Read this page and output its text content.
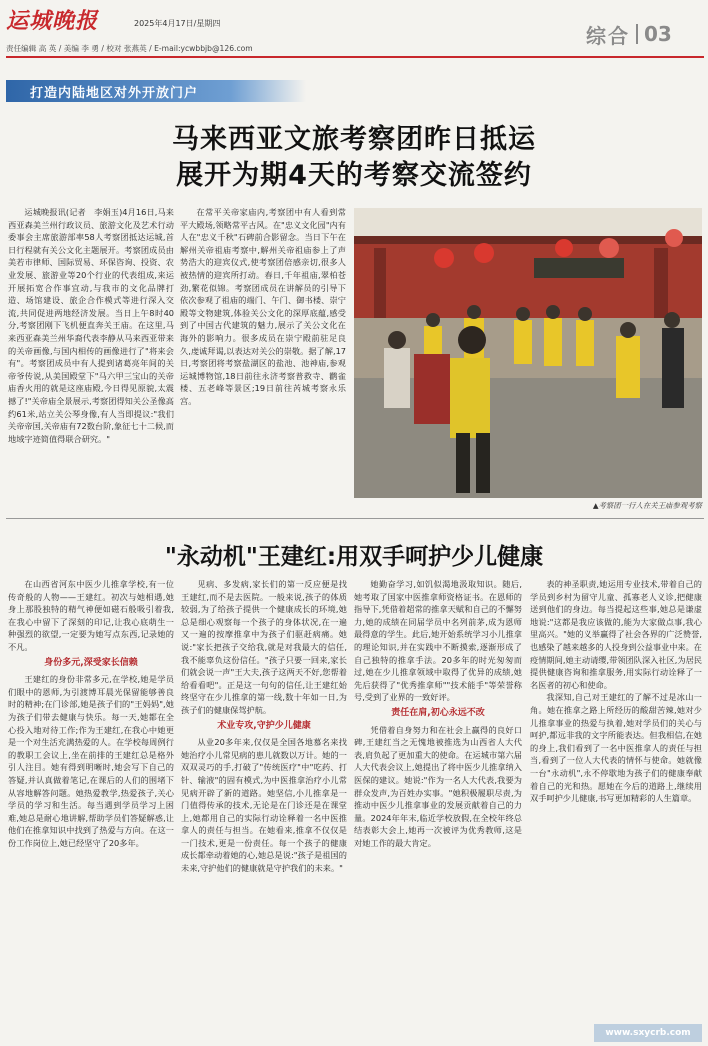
运城晚报	2025年4月17日/星期四
责任编辑 高 英 / 美编 李 勇 / 校对 张燕英 / E-mail:ycwbbjb@126.com
综合 03
打造内陆地区对外开放门户
马来西亚文旅考察团昨日抵运
展开为期4天的考察交流签约

运城晚报讯(记者　李娟玉)4月16日,马来西亚森美兰州行政议员、旅游文化及艺术行动委事会主席旅游部率58人考察团抵达运城,首日行程就有关公文化主题展开。考察团成员由美若市律师、国际贸易、环保咨询、投资、农业发展、旅游业等20个行业的代表组成,来运开展拓宽合作事宜动,与我市的文化品牌打造、场馆建设、旅企合作模式等进行深入交流,共同促进两地经济发展。当日上午8时40分,考察团刚下飞机便直奔关王庙。在这里,马来西亚森美兰州华裔代表李静从马来西亚带来的关帝画像,与国内相传的画像进行了"将来会有"。考察团成员中有人提到诸葛亮年间的关帝爷传说,从美国殿堂下"马六甲三宝山的关帝庙香火用的就是这座庙殿,今日得见原貌,太震撼了!"关帝庙全景展示,考察团得知关公圣像高约61米,站立关公琴身像,有人当即提议:"我们关帝帝国,关帝庙有72数台阶,象征七十二候,而地域字迹简值得联合研究。"

在常平关帝家庙内,考察团中有人看到常平大殿场,领略常平古风。在"忠义文化园"内有人在"忠义千秋"石碑前合影留念。当日下午在解州关帝祖庙考察中,解州关帝祖庙参上了声势浩大的迎宾仪式,使考察团倍感亲切,很多人被热情的迎宾所打动。春日,千年祖庙,翠柏苍劲,繁花似锦。考察团成员在讲解员的引导下依次参观了祖庙的端门、午门、御书楼、崇宁殿等文物建筑,体验关公文化的深厚底蕴,感受到了中国古代建筑的魅力,展示了关公文化在海外的影响力。很多成员在崇宁殿前驻足良久,虔诚拜谒,以表达对关公的崇敬。据了解,17日,考察团将考察盐湖区的盐池、池神庙,参观运城博物馆,18日前往永济考察普救寺、鹳雀楼、五老峰等景区;19日前往芮城考察永乐宫。

▲考察团一行人在关王庙参观考察
"永动机"王建红:用双手呵护少儿健康

在山西省河东中医少儿推拿学校,有一位传奇般的人物——王建红。初次与她相遇,她身上那股独特的精气神便如磁石般吸引着我,在我心中留下了深刻的印记,让我心底萌生一种强烈的欲望,一定要为她写点东西,记录她的不凡。

身份多元,深受家长信赖

王建红的身份非常多元,在学校,她是学员们眼中的恩师,为引渡博耳晨光保留能够善良时的精神;在门诊部,她是孩子们的"王妈妈",她为孩子们带去健康与快乐。每一天,她都在全心投入地对待工作;作为王建红,在我心中她更是一个对生活充满热爱的人。在学校每周例行的教职工会议上,坐在前排的王建红总是格外引人注目。她有得到明晰时,她会写下自己的答疑,并认真做着笔记,在课后的人们的围堵下从容地解答问题。她热爱教学,热爱孩子,关心学员的学习和生活。每当遇到学员学习上困难,她总是耐心地讲解,帮助学员们答疑解惑,让他们在推拿知识中找到了热爱与方向。在这一份工作岗位上,她已经坚守了20多年。

见病、多发病,家长们的第一反应便是找王建红,而不是去医院。一般来说,孩子的体质较弱,为了给孩子提供一个健康成长的环境,她总是细心观察每一个孩子的身体状况,在一遍又一遍的按摩推拿中为孩子们驱赶病痛。她说:"家长把孩子交给我,就是对我最大的信任,我不能辜负这份信任。"孩子只要一回来,家长们就会说一声"王大夫,孩子这两天不好,您帮着给看看吧"。正是这一句句的信任,让王建红始终坚守在少儿推拿的第一线,数十年如一日,为孩子们的健康保驾护航。

术业专攻,守护少儿健康

从业20多年来,仅仅是全国各地慕名来找她治疗小儿常见病的患儿就数以万计。她的一双双灵巧的手,打破了"传统医疗"中"吃药、打针、输液"的固有模式,为中医推拿治疗小儿常见病开辟了新的道路。她坚信,小儿推拿是一门值得传承的技术,无论是在门诊还是在课堂上,她都用自己的实际行动诠释着一名中医推拿人的责任与担当。在她看来,推拿不仅仅是一门技术,更是一份责任。每一个孩子的健康成长都牵动着她的心,她总是说:"孩子是祖国的未来,守护他们的健康就是守护我们的未来。"

她勤奋学习,如饥似渴地汲取知识。随后,她考取了国家中医推拿师资格证书。在恩师的指导下,凭借着超常的推拿天赋和自己的不懈努力,她的成绩在同届学员中名列前茅,成为恩师最得意的学生。此后,她开始系统学习小儿推拿的理论知识,并在实践中不断摸索,逐渐形成了自己独特的推拿手法。20多年的时光匆匆而过,她在少儿推拿领域中取得了优异的成绩,她先后获得了"优秀推拿师""技术能手"等荣誉称号,受到了业界的一致好评。

责任在肩,初心永远不改

凭借着自身努力和在社会上赢得的良好口碑,王建红当之无愧地被推选为山西省人大代表,肩负起了更加重大的使命。在运城市第六届人大代表会议上,她提出了将中医少儿推拿纳入医保的建议。她说:"作为一名人大代表,我要为群众发声,为百姓办实事。"她积极履职尽责,为推动中医少儿推拿事业的发展贡献着自己的力量。2024年年末,临近学校放假,在全校年终总结表彰大会上,她再一次被评为优秀教师,这是对她工作的最大肯定。

表的神圣职责,她运用专业技术,带着自己的学员到乡村为留守儿童、孤寡老人义诊,把健康送到他们的身边。每当提起这些事,她总是谦虚地说:"这都是我应该做的,能为大家做点事,我心里高兴。"她的义举赢得了社会各界的广泛赞誉,也感染了越来越多的人投身到公益事业中来。在疫情期间,她主动请缨,带领团队深入社区,为居民提供健康咨询和推拿服务,用实际行动诠释了一名医者的初心和使命。

我深知,自己对王建红的了解不过是冰山一角。她在推拿之路上所经历的酸甜苦辣,她对少儿推拿事业的热爱与执着,她对学员们的关心与呵护,都远非我的文字所能表达。但我相信,在她的身上,我们看到了一名中医推拿人的责任与担当,看到了一位人大代表的情怀与使命。她就像一台"永动机",永不停歇地为孩子们的健康奉献着自己的光和热。愿她在今后的道路上,继续用双手呵护少儿健康,书写更加精彩的人生篇章。

www.sxycrb.com
